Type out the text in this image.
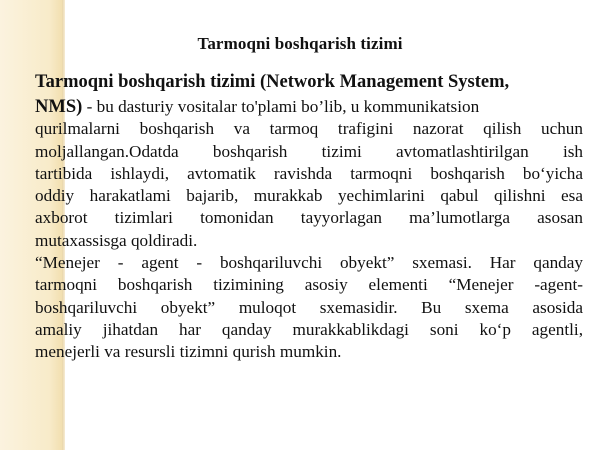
Tarmoqni boshqarish tizimi
Tarmoqni boshqarish tizimi (Network Management System,
NMS) - bu dasturiy vositalar to'plami bo’lib, u kommunikatsion
qurilmalarni boshqarish va tarmoq trafigini nazorat qilish uchun
moljallangan.Odatda boshqarish tizimi avtomatlashtirilgan ish
tartibida ishlaydi, avtomatik ravishda tarmoqni boshqarish bo‘yicha
oddiy harakatlami bajarib, murakkab yechimlarini qabul qilishni esa
axborot tizimlari tomonidan tayyorlagan ma’lumotlarga asosan
mutaxassisga qoldiradi.
“Menejer - agent - boshqariluvchi obyekt” sxemasi. Har qanday
tarmoqni boshqarish tizimining asosiy elementi “Menejer -agent-
boshqariluvchi obyekt” muloqot sxemasidir. Bu sxema asosida
amaliy jihatdan har qanday murakkablikdagi soni ko‘p agentli,
menejerli va resursli tizimni qurish mumkin.
